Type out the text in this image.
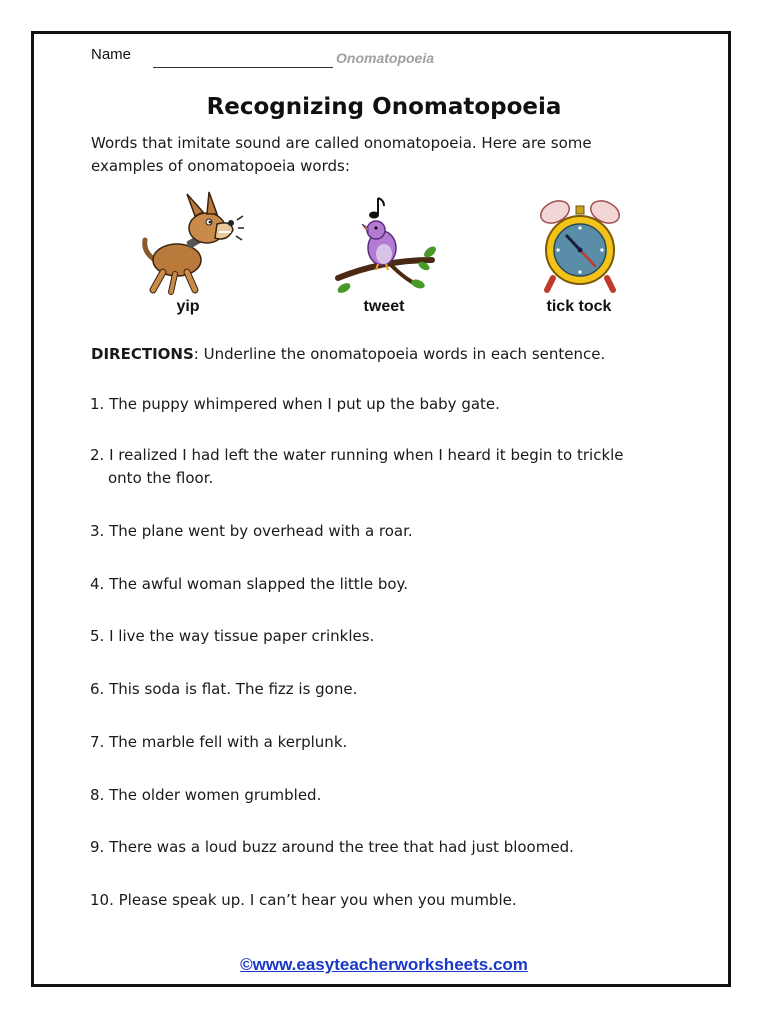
Name	Onomatopoeia
Recognizing Onomatopoeia
Words that imitate sound are called onomatopoeia. Here are some
examples of onomatopoeia words:
yip	tweet	tick tock
DIRECTIONS: Underline the onomatopoeia words in each sentence.
1. The puppy whimpered when I put up the baby gate.
2. I realized I had left the water running when I heard it begin to trickle
onto the floor.
3. The plane went by overhead with a roar.
4. The awful woman slapped the little boy.
5. I live the way tissue paper crinkles.
6. This soda is flat. The fizz is gone.
7. The marble fell with a kerplunk.
8. The older women grumbled.
9. There was a loud buzz around the tree that had just bloomed.
10. Please speak up. I can’t hear you when you mumble.
©www.easyteacherworksheets.com
